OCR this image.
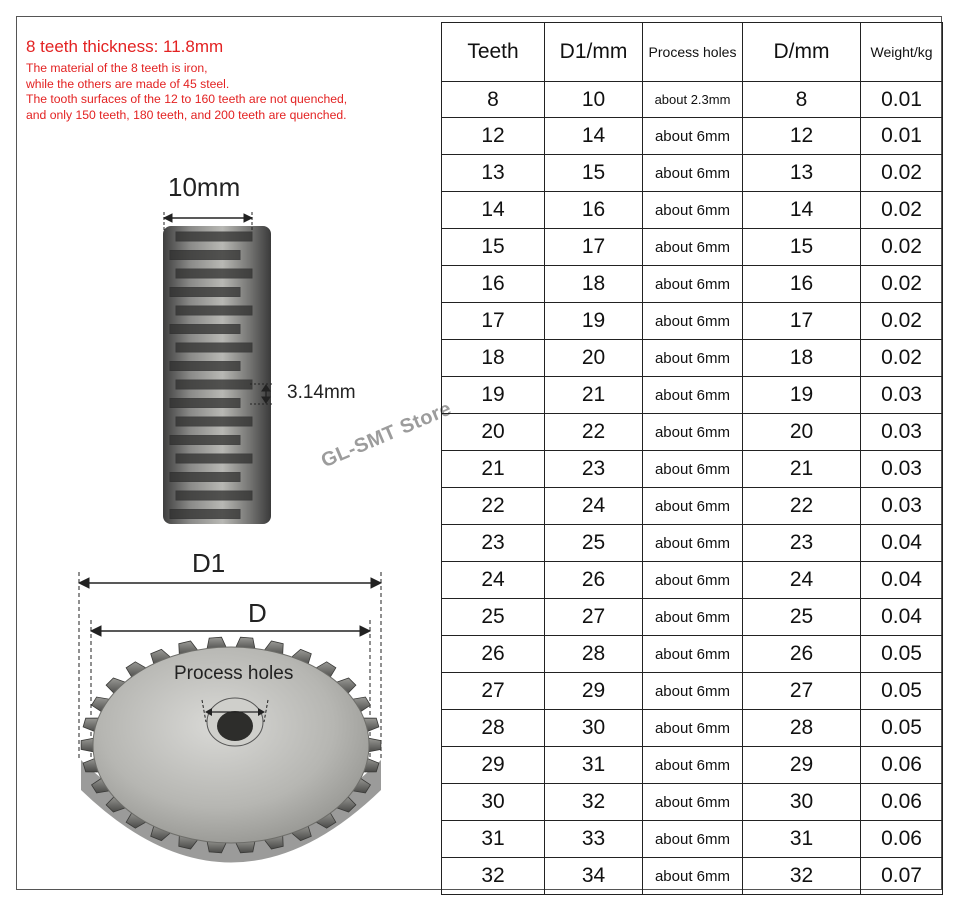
8 teeth thickness: 11.8mm
The material of the 8 teeth is iron,
while the others are made of 45 steel.
The tooth surfaces of the 12 to 160 teeth are not quenched,
and only 150 teeth, 180 teeth, and 200 teeth are quenched.
10mm
3.14mm
D1
D
Process holes
GL-SMT Store
Teeth	D1/mm	Process holes	D/mm	Weight/kg
8	10	about 2.3mm	8	0.01
12	14	about 6mm	12	0.01
13	15	about 6mm	13	0.02
14	16	about 6mm	14	0.02
15	17	about 6mm	15	0.02
16	18	about 6mm	16	0.02
17	19	about 6mm	17	0.02
18	20	about 6mm	18	0.02
19	21	about 6mm	19	0.03
20	22	about 6mm	20	0.03
21	23	about 6mm	21	0.03
22	24	about 6mm	22	0.03
23	25	about 6mm	23	0.04
24	26	about 6mm	24	0.04
25	27	about 6mm	25	0.04
26	28	about 6mm	26	0.05
27	29	about 6mm	27	0.05
28	30	about 6mm	28	0.05
29	31	about 6mm	29	0.06
30	32	about 6mm	30	0.06
31	33	about 6mm	31	0.06
32	34	about 6mm	32	0.07
